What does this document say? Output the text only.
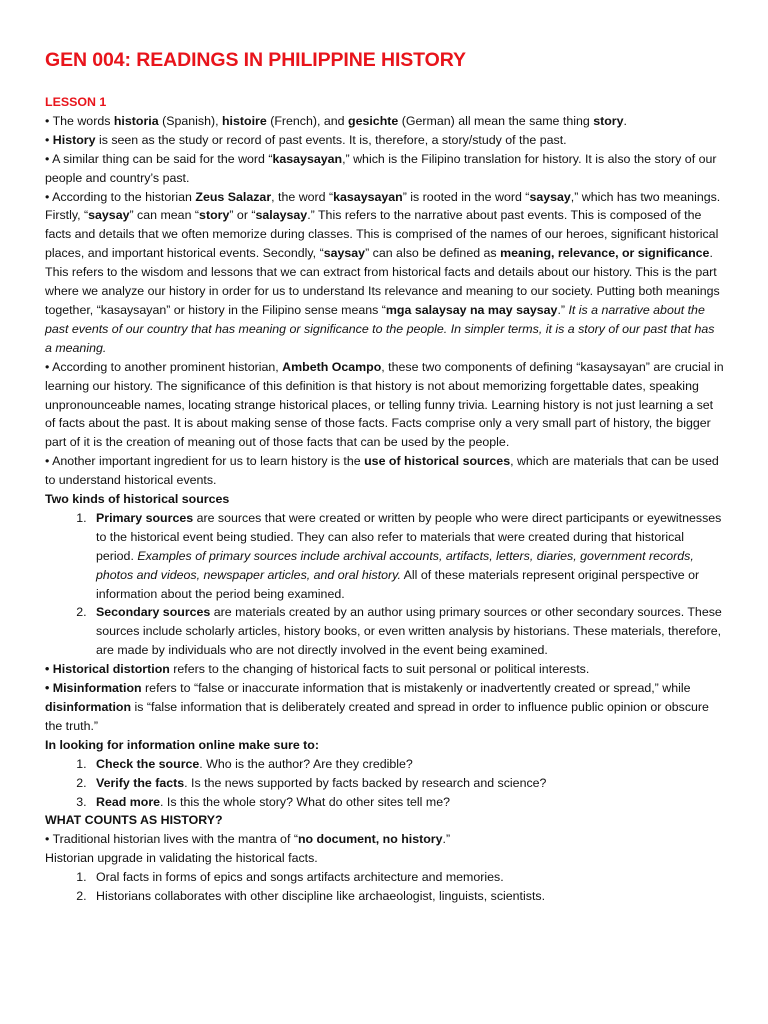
GEN 004: READINGS IN PHILIPPINE HISTORY

LESSON 1

• The words historia (Spanish), histoire (French), and gesichte (German) all mean the same thing story.

• History is seen as the study or record of past events. It is, therefore, a story/study of the past.

• A similar thing can be said for the word “kasaysayan,” which is the Filipino translation for history. It is also the story of our people and country’s past.

• According to the historian Zeus Salazar, the word “kasaysayan” is rooted in the word “saysay,” which has two meanings. Firstly, “saysay” can mean “story” or “salaysay.” This refers to the narrative about past events. This is composed of the facts and details that we often memorize during classes. This is comprised of the names of our heroes, significant historical places, and important historical events. Secondly, “saysay” can also be defined as meaning, relevance, or significance. This refers to the wisdom and lessons that we can extract from historical facts and details about our history. This is the part where we analyze our history in order for us to understand Its relevance and meaning to our society. Putting both meanings together, “kasaysayan” or history in the Filipino sense means “mga salaysay na may saysay.” It is a narrative about the past events of our country that has meaning or significance to the people. In simpler terms, it is a story of our past that has a meaning.

• According to another prominent historian, Ambeth Ocampo, these two components of defining “kasaysayan” are crucial in learning our history. The significance of this definition is that history is not about memorizing forgettable dates, speaking unpronounceable names, locating strange historical places, or telling funny trivia. Learning history is not just learning a set of facts about the past. It is about making sense of those facts. Facts comprise only a very small part of history, the bigger part of it is the creation of meaning out of those facts that can be used by the people.

• Another important ingredient for us to learn history is the use of historical sources, which are materials that can be used to understand historical events.

Two kinds of historical sources

1. Primary sources are sources that were created or written by people who were direct participants or eyewitnesses to the historical event being studied. They can also refer to materials that were created during that historical period. Examples of primary sources include archival accounts, artifacts, letters, diaries, government records, photos and videos, newspaper articles, and oral history. All of these materials represent original perspective or information about the period being examined.
2. Secondary sources are materials created by an author using primary sources or other secondary sources. These sources include scholarly articles, history books, or even written analysis by historians. These materials, therefore, are made by individuals who are not directly involved in the event being examined.

• Historical distortion refers to the changing of historical facts to suit personal or political interests.

• Misinformation refers to “false or inaccurate information that is mistakenly or inadvertently created or spread,” while disinformation is “false information that is deliberately created and spread in order to influence public opinion or obscure the truth.”

In looking for information online make sure to:

1. Check the source. Who is the author? Are they credible?
2. Verify the facts. Is the news supported by facts backed by research and science?
3. Read more. Is this the whole story? What do other sites tell me?

WHAT COUNTS AS HISTORY?

• Traditional historian lives with the mantra of “no document, no history.”

Historian upgrade in validating the historical facts.

1. Oral facts in forms of epics and songs artifacts architecture and memories.
2. Historians collaborates with other discipline like archaeologist, linguists, scientists.
